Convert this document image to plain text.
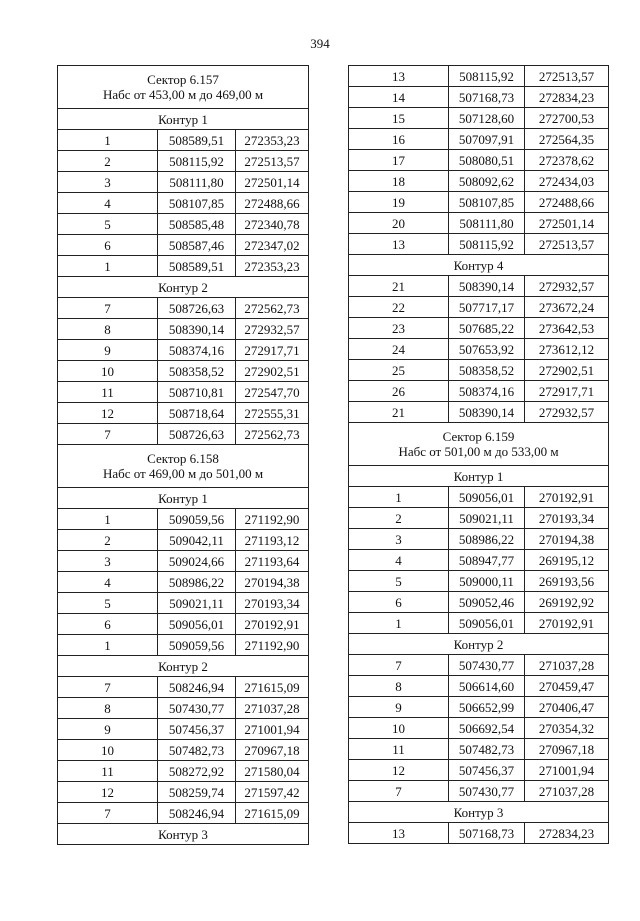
394
Сектор 6.157
Набс от 453,00 м до 469,00 м		

Контур 1		
1	508589,51	272353,23
2	508115,92	272513,57
3	508111,80	272501,14
4	508107,85	272488,66
5	508585,48	272340,78
6	508587,46	272347,02
1	508589,51	272353,23
Контур 2		
7	508726,63	272562,73
8	508390,14	272932,57
9	508374,16	272917,71
10	508358,52	272902,51
11	508710,81	272547,70
12	508718,64	272555,31
7	508726,63	272562,73

Сектор 6.158
Набс от 469,00 м до 501,00 м		

Контур 1		
1	509059,56	271192,90
2	509042,11	271193,12
3	509024,66	271193,64
4	508986,22	270194,38
5	509021,11	270193,34
6	509056,01	270192,91
1	509059,56	271192,90
Контур 2		
7	508246,94	271615,09
8	507430,77	271037,28
9	507456,37	271001,94
10	507482,73	270967,18
11	508272,92	271580,04
12	508259,74	271597,42
7	508246,94	271615,09
Контур 3		
13	508115,92	272513,57
14	507168,73	272834,23
15	507128,60	272700,53
16	507097,91	272564,35
17	508080,51	272378,62
18	508092,62	272434,03
19	508107,85	272488,66
20	508111,80	272501,14
13	508115,92	272513,57
Контур 4		
21	508390,14	272932,57
22	507717,17	273672,24
23	507685,22	273642,53
24	507653,92	273612,12
25	508358,52	272902,51
26	508374,16	272917,71
21	508390,14	272932,57

Сектор 6.159
Набс от 501,00 м до 533,00 м		

Контур 1		
1	509056,01	270192,91
2	509021,11	270193,34
3	508986,22	270194,38
4	508947,77	269195,12
5	509000,11	269193,56
6	509052,46	269192,92
1	509056,01	270192,91
Контур 2		
7	507430,77	271037,28
8	506614,60	270459,47
9	506652,99	270406,47
10	506692,54	270354,32
11	507482,73	270967,18
12	507456,37	271001,94
7	507430,77	271037,28
Контур 3		
13	507168,73	272834,23
